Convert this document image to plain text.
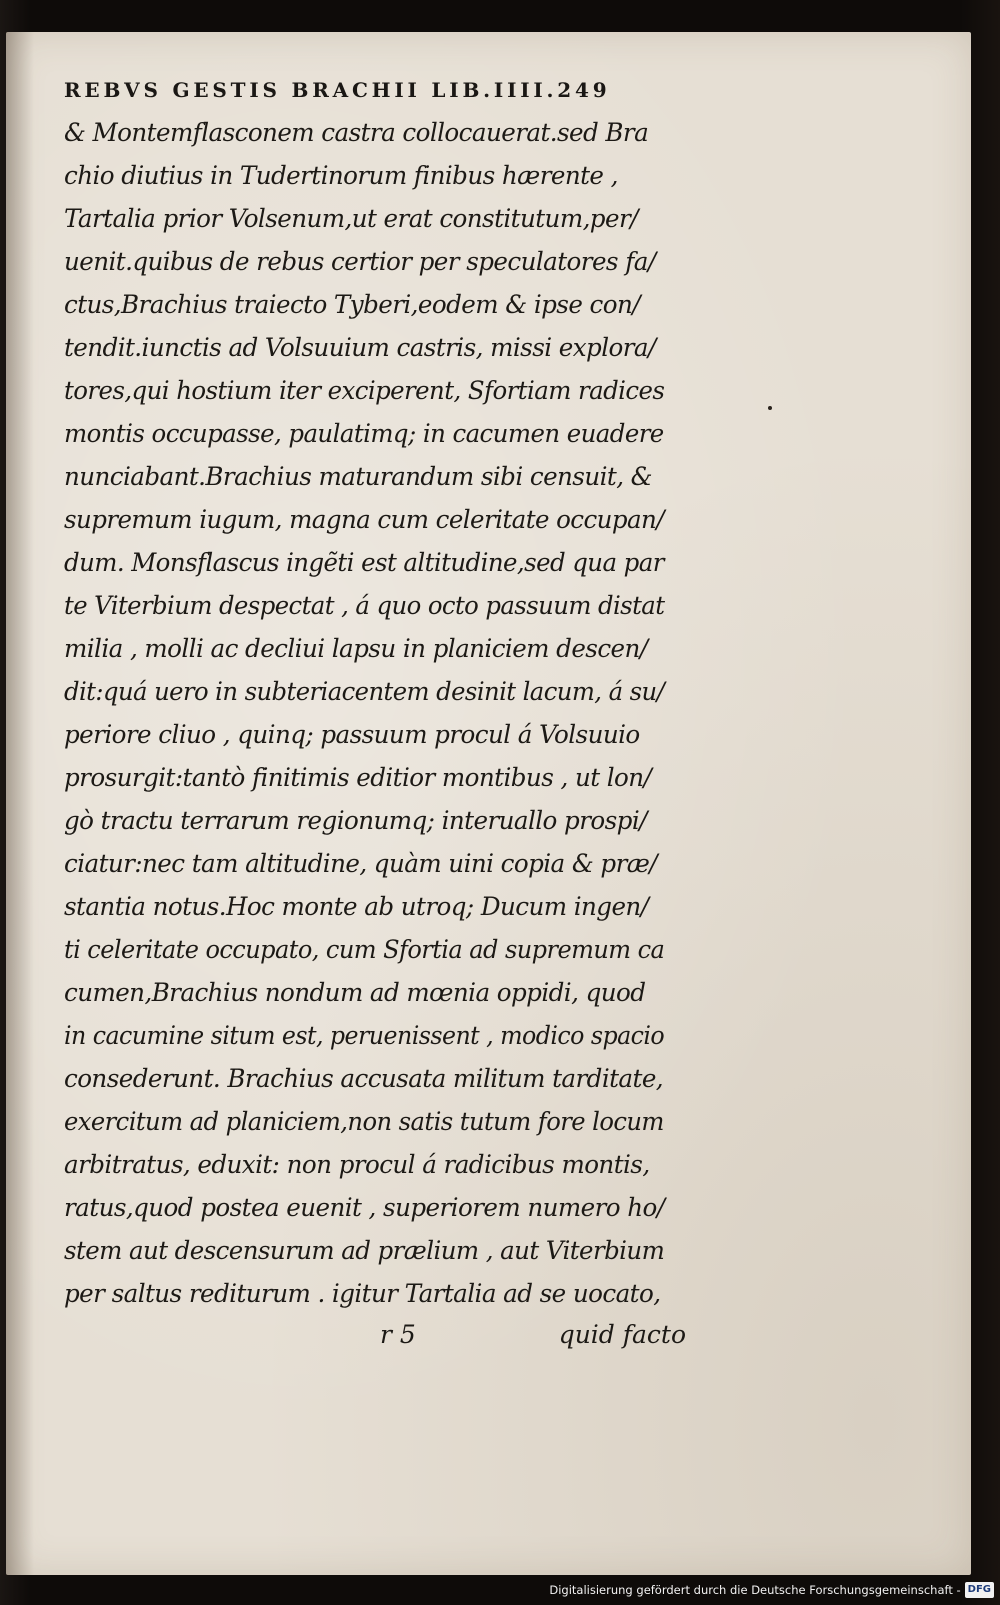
REBVS GESTIS BRACHII LIB.IIII.249
& Montemflasconem castra collocauerat.sed Bra
chio diutius in Tudertinorum finibus hærente ,
Tartalia prior Volsenum,ut erat constitutum,per/
uenit.quibus de rebus certior per speculatores fa/
ctus,Brachius traiecto Tyberi,eodem & ipse con/
tendit.iunctis ad Volsuuium castris, missi explora/
tores,qui hostium iter exciperent, Sfortiam radices
montis occupasse, paulatimq; in cacumen euadere
nunciabant.Brachius maturandum sibi censuit, &
supremum iugum, magna cum celeritate occupan/
dum. Monsflascus ingẽti est altitudine,sed qua par
te Viterbium despectat , á quo octo passuum distat
milia , molli ac decliui lapsu in planiciem descen/
dit:quá uero in subteriacentem desinit lacum, á su/
periore cliuo , quinq; passuum procul á Volsuuio
prosurgit:tantò finitimis editior montibus , ut lon/
gò tractu terrarum regionumq; interuallo prospi/
ciatur:nec tam altitudine, quàm uini copia & præ/
stantia notus.Hoc monte ab utroq; Ducum ingen/
ti celeritate occupato, cum Sfortia ad supremum ca
cumen,Brachius nondum ad mœnia oppidi, quod
in cacumine situm est, peruenissent , modico spacio
consederunt. Brachius accusata militum tarditate,
exercitum ad planiciem,non satis tutum fore locum
arbitratus, eduxit: non procul á radicibus montis,
ratus,quod postea euenit , superiorem numero ho/
stem aut descensurum ad prælium , aut Viterbium
per saltus rediturum . igitur Tartalia ad se uocato,
r 5	quid facto
Digitalisierung gefördert durch die Deutsche Forschungsgemeinschaft - DFG
